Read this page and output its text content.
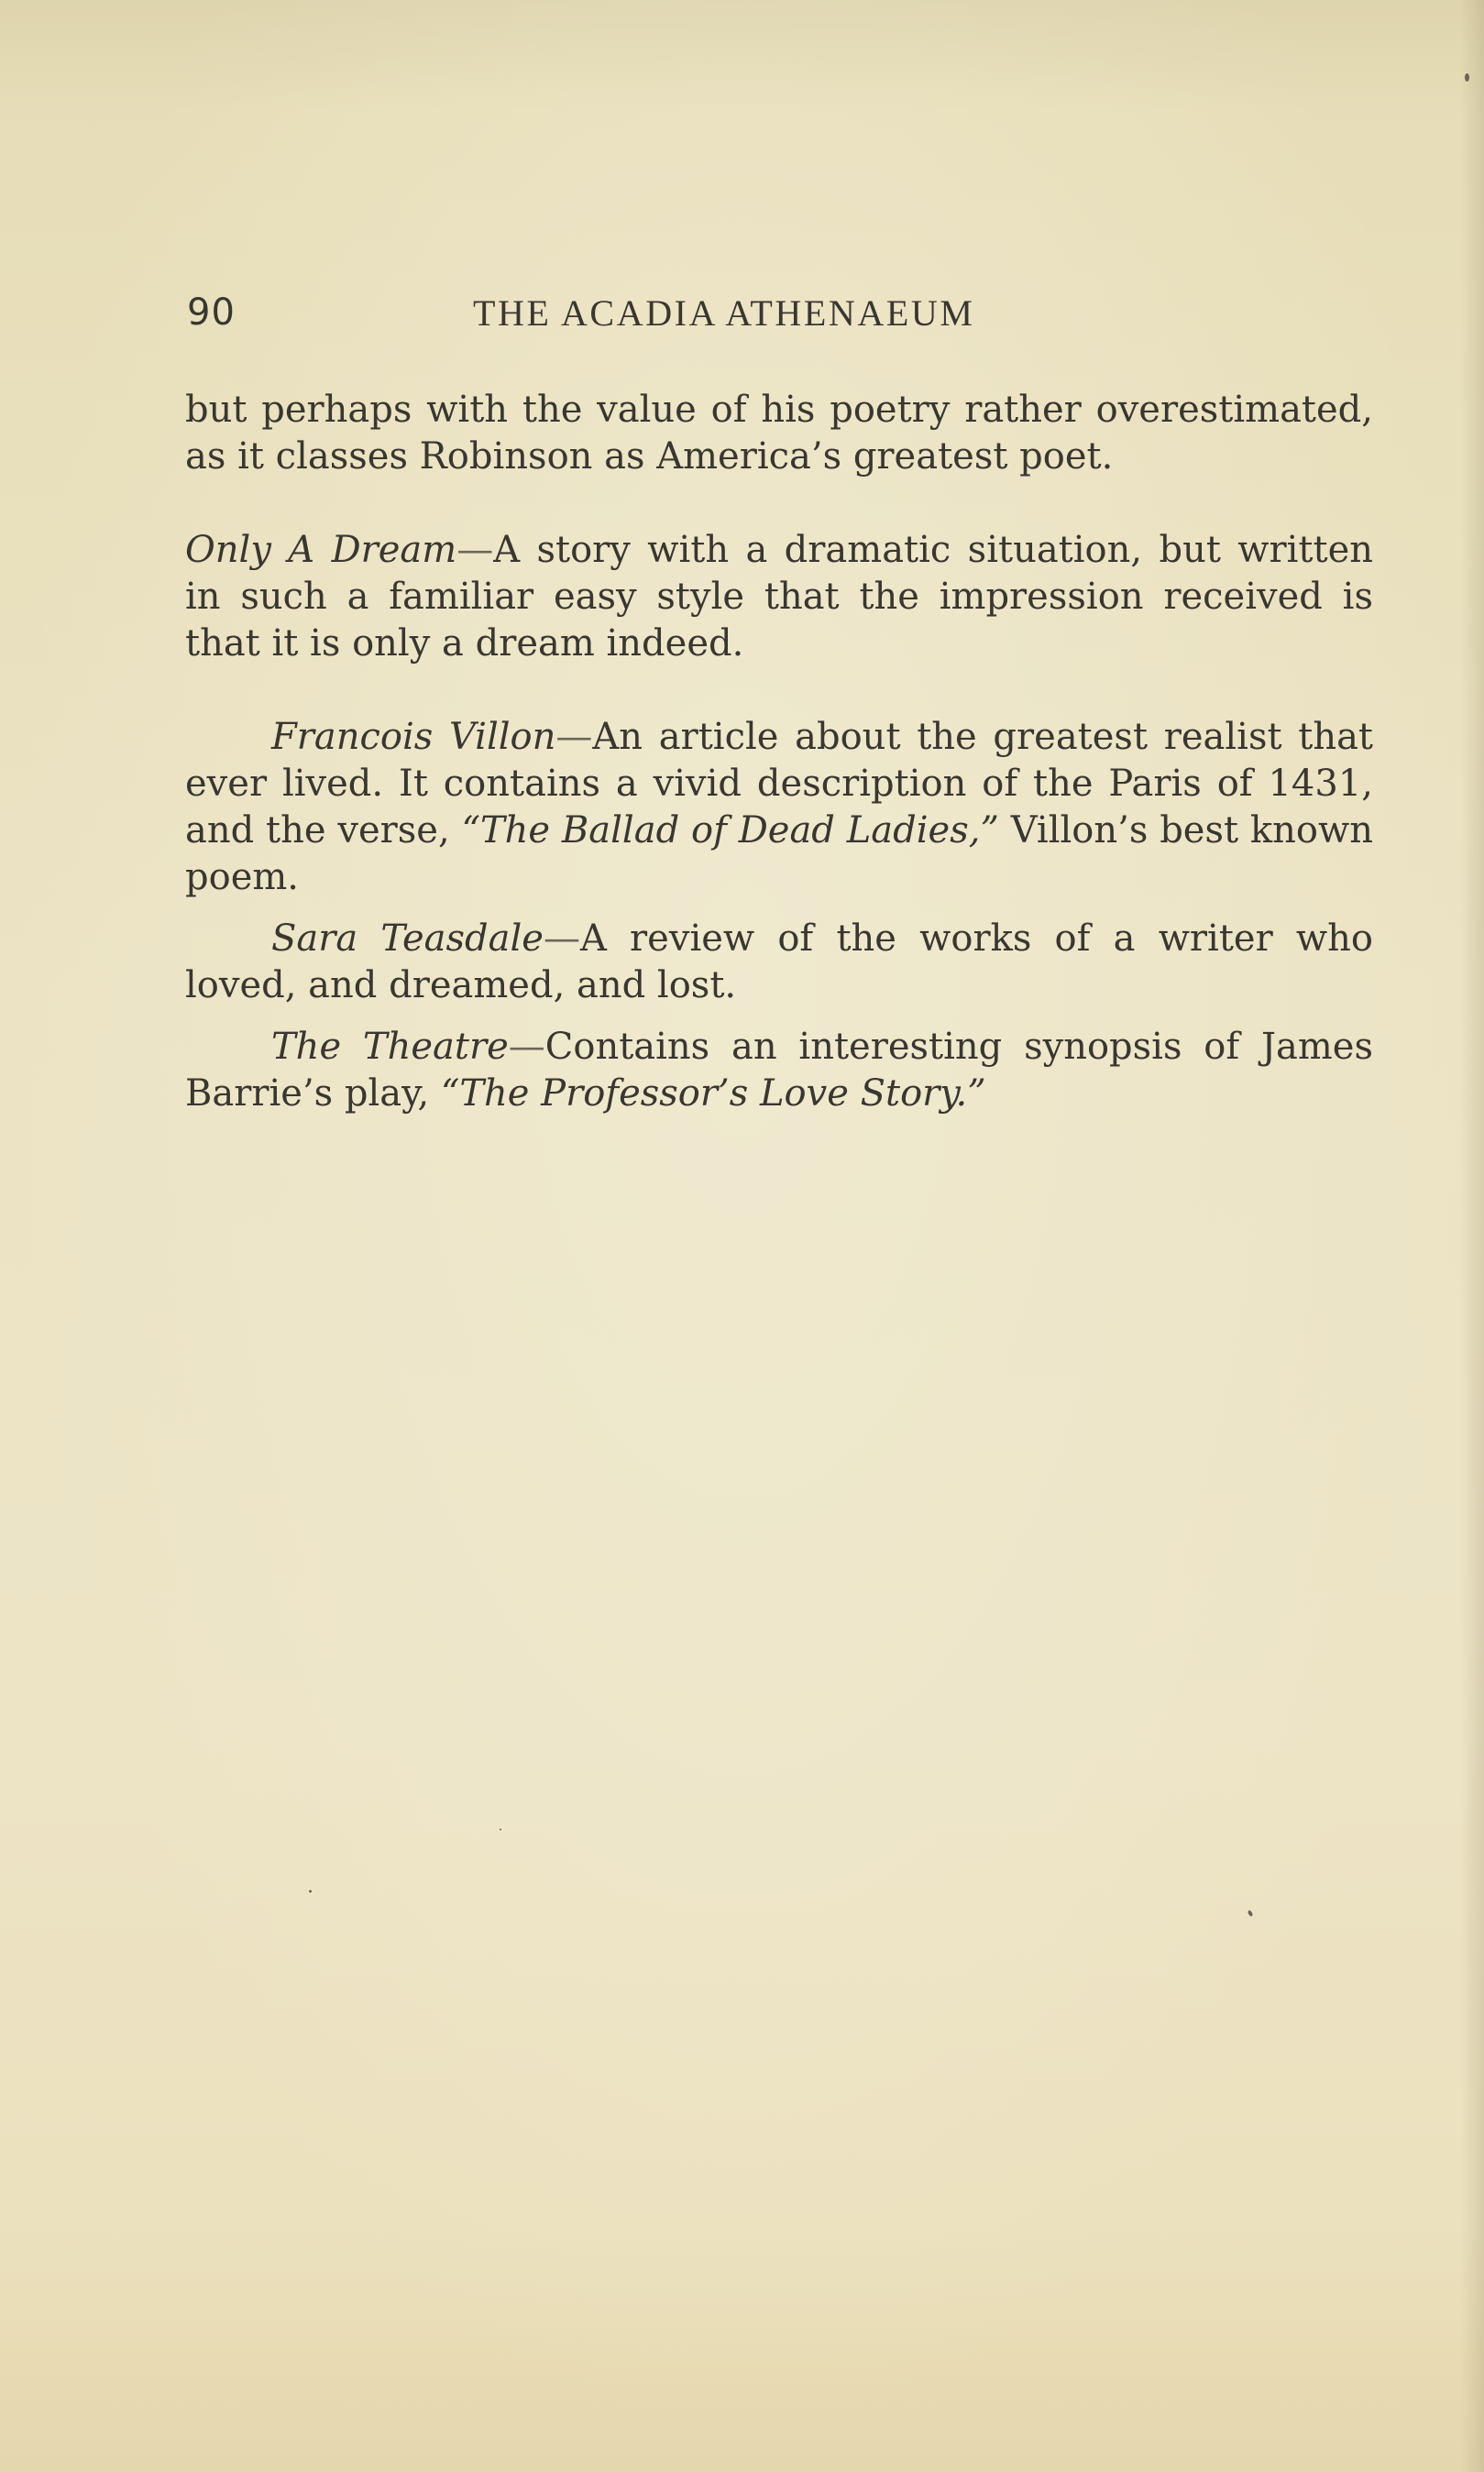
90	THE ACADIA ATHENAEUM

but perhaps with the value of his poetry rather overestimated, as it classes Robinson as America’s greatest poet.

Only A Dream—A story with a dramatic situation, but written in such a familiar easy style that the impression received is that it is only a dream indeed.

Francois Villon—An article about the greatest realist that ever lived. It contains a vivid description of the Paris of 1431, and the verse, “The Ballad of Dead Ladies,” Villon’s best known poem.

Sara Teasdale—A review of the works of a writer who loved, and dreamed, and lost.

The Theatre—Contains an interesting synopsis of James Barrie’s play, “The Professor’s Love Story.”
